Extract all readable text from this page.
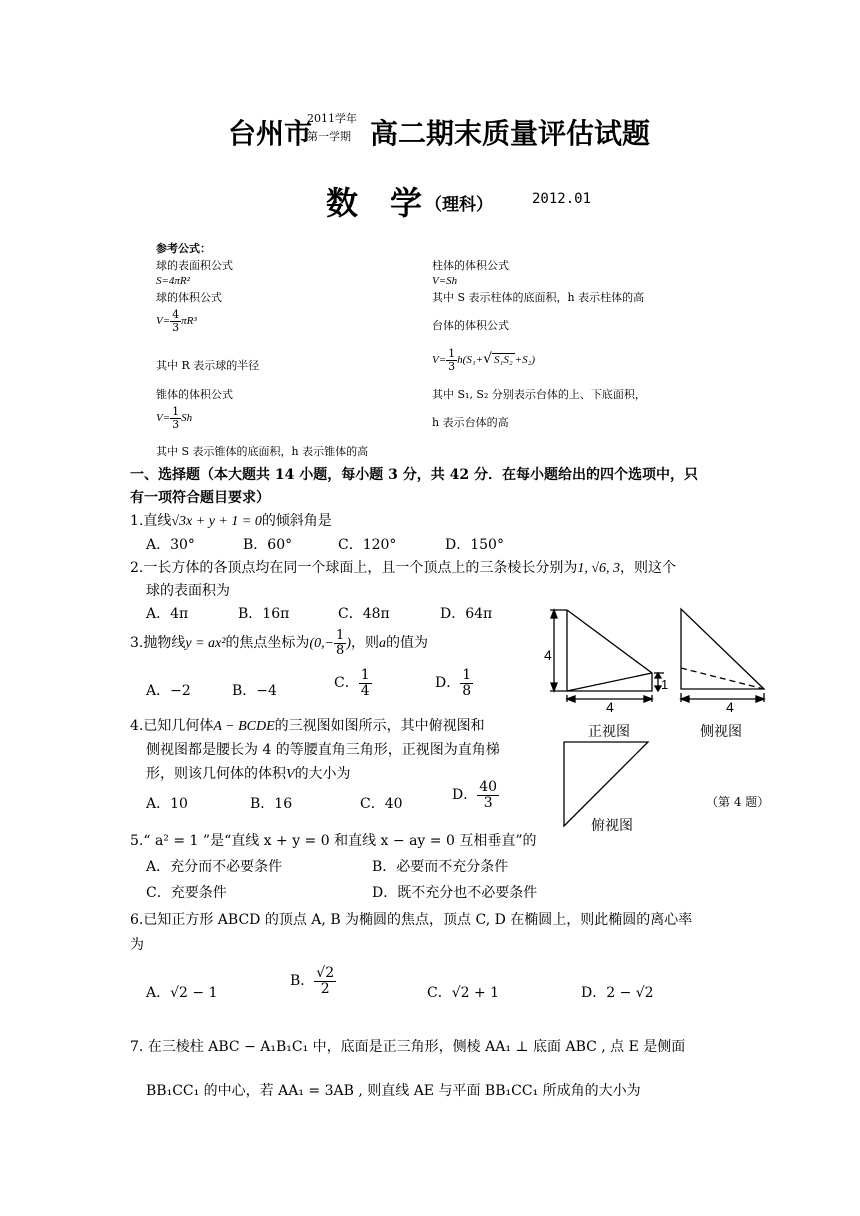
台州市
2011学年
第一学期 高二期末质量评估试题
数　学 （理科）	2012.01
参考公式：
球的表面积公式
S=4πR²
球的体积公式
$V= \frac{4}{3} \pi R^3$
其中 R 表示球的半径
锥体的体积公式
$V= \frac{1}{3}$ Sh
其中 S 表示锥体的底面积，h 表示锥体的高
柱体的体积公式
V=Sh
其中 S 表示柱体的底面积，h 表示柱体的高
台体的体积公式
$V= \frac{1}{3} h(S_1+√$ S₁S₂ +S₂)
其中 S₁, S₂ 分别表示台体的上、下底面积，
h 表示台体的高
一、选择题（本大题共 14 小题，每小题 3 分，共 42 分．在每小题给出的四个选项中，只
有一项符合题目要求）
1.直线√3x + y + 1 = 0的倾斜角是
A．30°	B．60°	C．120°	D．150°
2.一长方体的各顶点均在同一个球面上，且一个顶点上的三条棱长分别为1, √6, 3，则这个
球的表面积为
A．4π	B．16π	C．48π	D．64π
3.抛物线y = ax²的焦点坐标为($0,- \frac{1}{8}$ )，则a的值为
A．−2	B．−4	C． $\frac{1}{4}$	D． $\frac{1}{8}$
4.已知几何体A − BCDE的三视图如图所示，其中俯视图和
侧视图都是腰长为 4 的等腰直角三角形，正视图为直角梯
形，则该几何体的体积V的大小为
A．10	B．16	C．40
D． $\frac{40}{3}$
5.“ a² = 1 ”是“直线 x + y = 0 和直线 x − ay = 0 互相垂直”的
A．充分而不必要条件	B．必要而不充分条件
C．充要条件	D．既不充分也不必要条件
6.已知正方形 ABCD 的顶点 A, B 为椭圆的焦点，顶点 C, D 在椭圆上，则此椭圆的离心率
为
A．√2 − 1
B． $\frac{√2}{2}$	C．√2 + 1	D．2 − √2
7. 在三棱柱 ABC − A₁B₁C₁ 中，底面是正三角形，侧棱 AA₁ ⊥ 底面 ABC , 点 E 是侧面
BB₁CC₁ 的中心，若 AA₁ = 3AB , 则直线 AE 与平面 BB₁CC₁ 所成角的大小为
4
4
1
4
正视图	侧视图
俯视图
（第 4 题）
